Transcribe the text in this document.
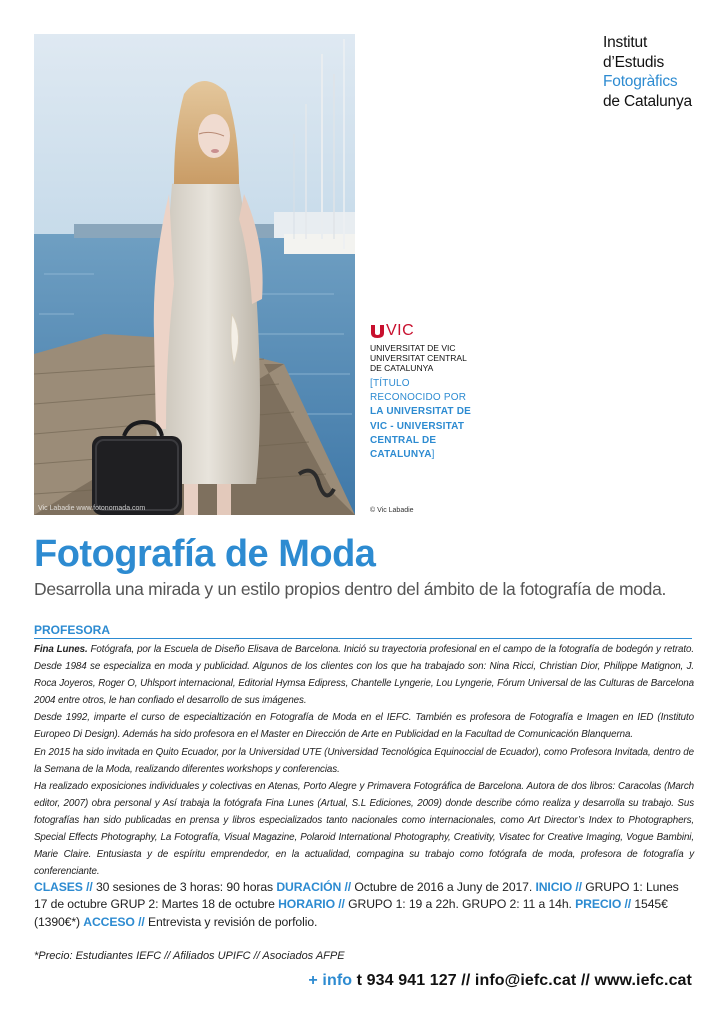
Vic Labadie www.fotonomada.com
Institut
d’Estudis
Fotogràfics
de Catalunya
VIC
UNIVERSITAT DE VIC
UNIVERSITAT CENTRAL
DE CATALUNYA
[TÍTULO RECONOCIDO POR LA UNIVERSITAT DE VIC - UNIVERSITAT CENTRAL DE CATALUNYA]
© Vic Labadie
Fotografía de Moda
Desarrolla una mirada y un estilo propios dentro del ámbito de la fotografía de moda.
PROFESORA

Fina Lunes. Fotógrafa, por la Escuela de Diseño Elisava de Barcelona. Inició su trayectoria profesional en el campo de la fotografía de bodegón y retrato. Desde 1984 se especializa en moda y publicidad. Algunos de los clientes con los que ha trabajado son: Nina Ricci, Christian Dior, Philippe Matignon, J. Roca Joyeros, Roger O, Uhlsport internacional, Editorial Hymsa Edipress, Chantelle Lyngerie, Lou Lyngerie, Fórum Universal de las Culturas de Barcelona 2004 entre otros, le han confiado el desarrollo de sus imágenes.

Desde 1992, imparte el curso de especialtización en Fotografía de Moda en el IEFC. También es profesora de Fotografía e Imagen en IED (Instituto Europeo Di Design). Además ha sido profesora en el Master en Dirección de Arte en Publicidad en la Facultad de Comunicación Blanquerna.

En 2015 ha sido invitada en Quito Ecuador, por la Universidad UTE (Universidad Tecnológica Equinoccial de Ecuador), como Profesora Invitada, dentro de la Semana de la Moda, realizando diferentes workshops y conferencias.

Ha realizado exposiciones individuales y colectivas en Atenas, Porto Alegre y Primavera Fotográfica de Barcelona. Autora de dos libros: Caracolas (March editor, 2007) obra personal y Así trabaja la fotógrafa Fina Lunes (Artual, S.L Ediciones, 2009) donde describe cómo realiza y desarrolla su trabajo. Sus fotografías han sido publicadas en prensa y libros especializados tanto nacionales como internacionales, como Art Director’s Index to Photographers, Special Effects Photography, La Fotografía, Visual Magazine, Polaroid International Photography, Creativity, Visatec for Creative Imaging, Vogue Bambini, Marie Claire. Entusiasta y de espíritu emprendedor, en la actualidad, compagina su trabajo como fotógrafa de moda, profesora de fotografía y conferenciante.

CLASES // 30 sesiones de 3 horas: 90 horas DURACIÓN // Octubre de 2016 a Juny de 2017. INICIO // GRUPO 1: Lunes 17 de octubre GRUP 2: Martes 18 de octubre HORARIO // GRUPO 1: 19 a 22h. GRUPO 2: 11 a 14h. PRECIO // 1545€ (1390€*) ACCESO // Entrevista y revisión de porfolio.
*Precio: Estudiantes IEFC // Afiliados UPIFC // Asociados AFPE
+ info t 934 941 127 // info@iefc.cat // www.iefc.cat
